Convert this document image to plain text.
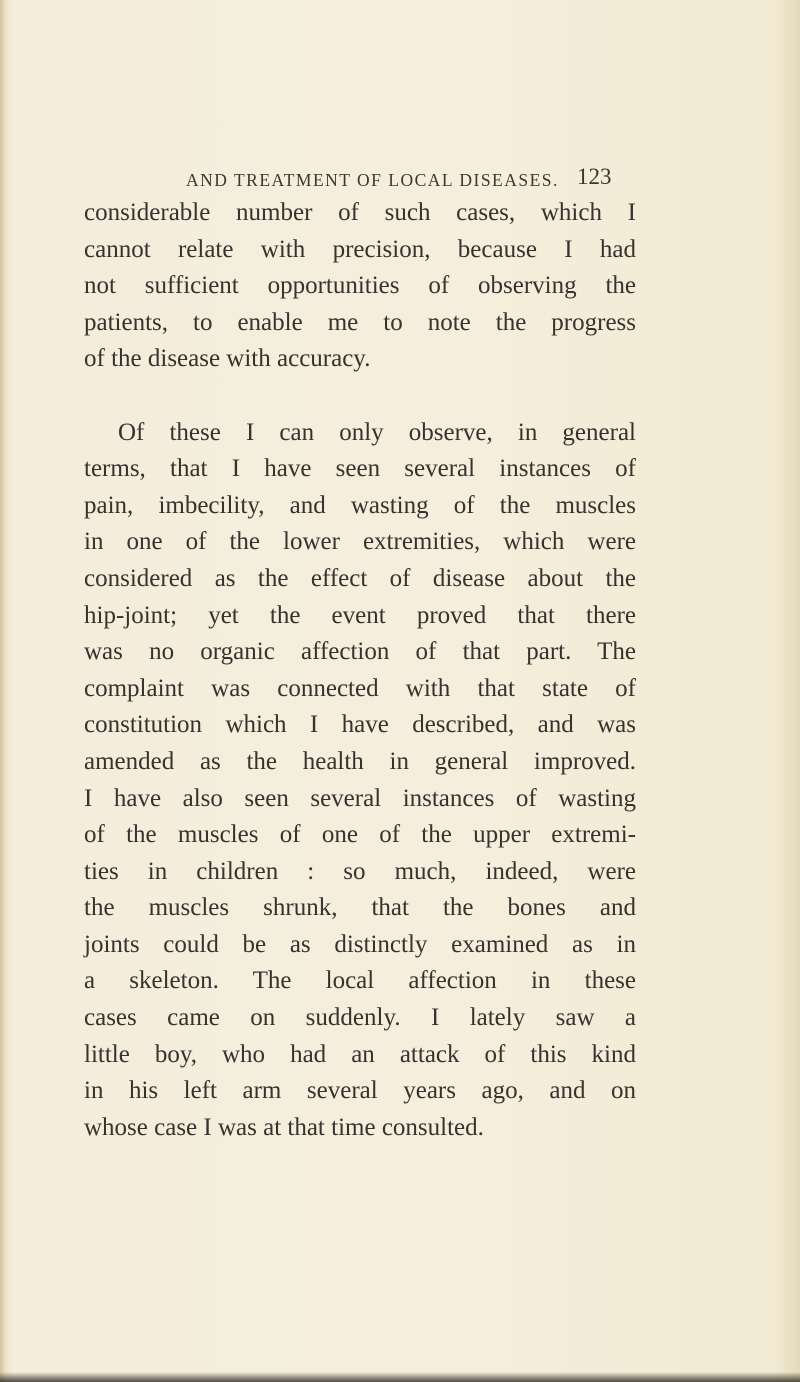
AND TREATMENT OF LOCAL DISEASES. 123
considerable number of such cases, which I
cannot relate with precision, because I had
not sufficient opportunities of observing the
patients, to enable me to note the progress
of the disease with accuracy.
Of these I can only observe, in general
terms, that I have seen several instances of
pain, imbecility, and wasting of the muscles
in one of the lower extremities, which were
considered as the effect of disease about the
hip-joint; yet the event proved that there
was no organic affection of that part. The
complaint was connected with that state of
constitution which I have described, and was
amended as the health in general improved.
I have also seen several instances of wasting
of the muscles of one of the upper extremi-
ties in children : so much, indeed, were
the muscles shrunk, that the bones and
joints could be as distinctly examined as in
a skeleton. The local affection in these
cases came on suddenly. I lately saw a
little boy, who had an attack of this kind
in his left arm several years ago, and on
whose case I was at that time consulted.
